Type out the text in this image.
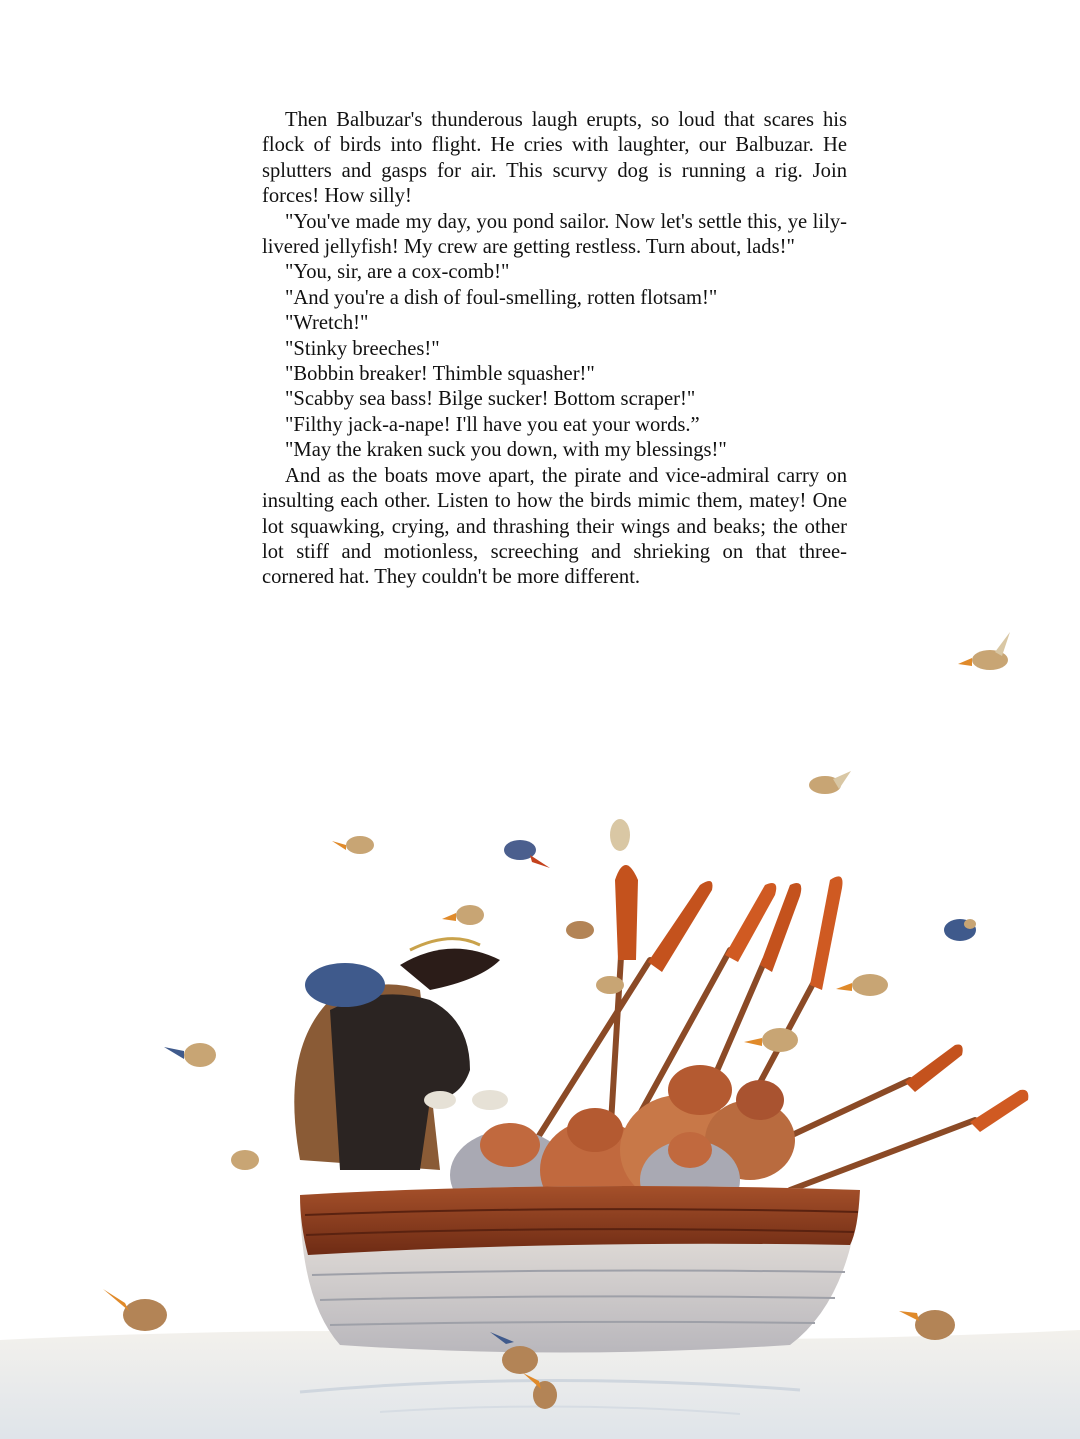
Then Balbuzar's thunderous laugh erupts, so loud that scares his flock of birds into flight. He cries with laughter, our Balbuzar. He splutters and gasps for air. This scurvy dog is running a rig. Join forces! How silly!

"You've made my day, you pond sailor. Now let's settle this, ye lily-livered jellyfish! My crew are getting restless. Turn about, lads!"

"You, sir, are a cox-comb!"

"And you're a dish of foul-smelling, rotten flotsam!"

"Wretch!"

"Stinky breeches!"

"Bobbin breaker! Thimble squasher!"

"Scabby sea bass! Bilge sucker! Bottom scraper!"

"Filthy jack-a-nape! I'll have you eat your words.”

"May the kraken suck you down, with my blessings!"

And as the boats move apart, the pirate and vice-admiral carry on insulting each other. Listen to how the birds mimic them, matey! One lot squawking, crying, and thrashing their wings and beaks; the other lot stiff and motionless, screeching and shrieking on that three-cornered hat. They couldn't be more different.
